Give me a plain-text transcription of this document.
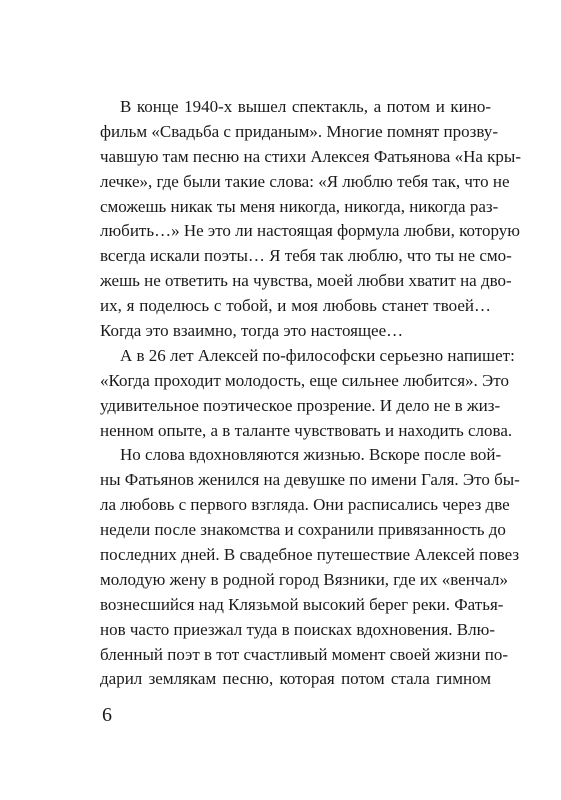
В конце 1940-х вышел спектакль, а потом и кино-
фильм «Свадьба с приданым». Многие помнят прозву-
чавшую там песню на стихи Алексея Фатьянова «На кры-
лечке», где были такие слова: «Я люблю тебя так, что не
сможешь никак ты меня никогда, никогда, никогда раз-
любить…» Не это ли настоящая формула любви, которую
всегда искали поэты… Я тебя так люблю, что ты не смо-
жешь не ответить на чувства, моей любви хватит на дво-
их, я поделюсь с тобой, и моя любовь станет твоей…
Когда это взаимно, тогда это настоящее…
А в 26 лет Алексей по-философски серьезно напишет:
«Когда проходит молодость, еще сильнее любится». Это
удивительное поэтическое прозрение. И дело не в жиз-
ненном опыте, а в таланте чувствовать и находить слова.
Но слова вдохновляются жизнью. Вскоре после вой-
ны Фатьянов женился на девушке по имени Галя. Это бы-
ла любовь с первого взгляда. Они расписались через две
недели после знакомства и сохранили привязанность до
последних дней. В свадебное путешествие Алексей повез
молодую жену в родной город Вязники, где их «венчал»
вознесшийся над Клязьмой высокий берег реки. Фатья-
нов часто приезжал туда в поисках вдохновения. Влю-
бленный поэт в тот счастливый момент своей жизни по-
дарил землякам песню, которая потом стала гимном
6
